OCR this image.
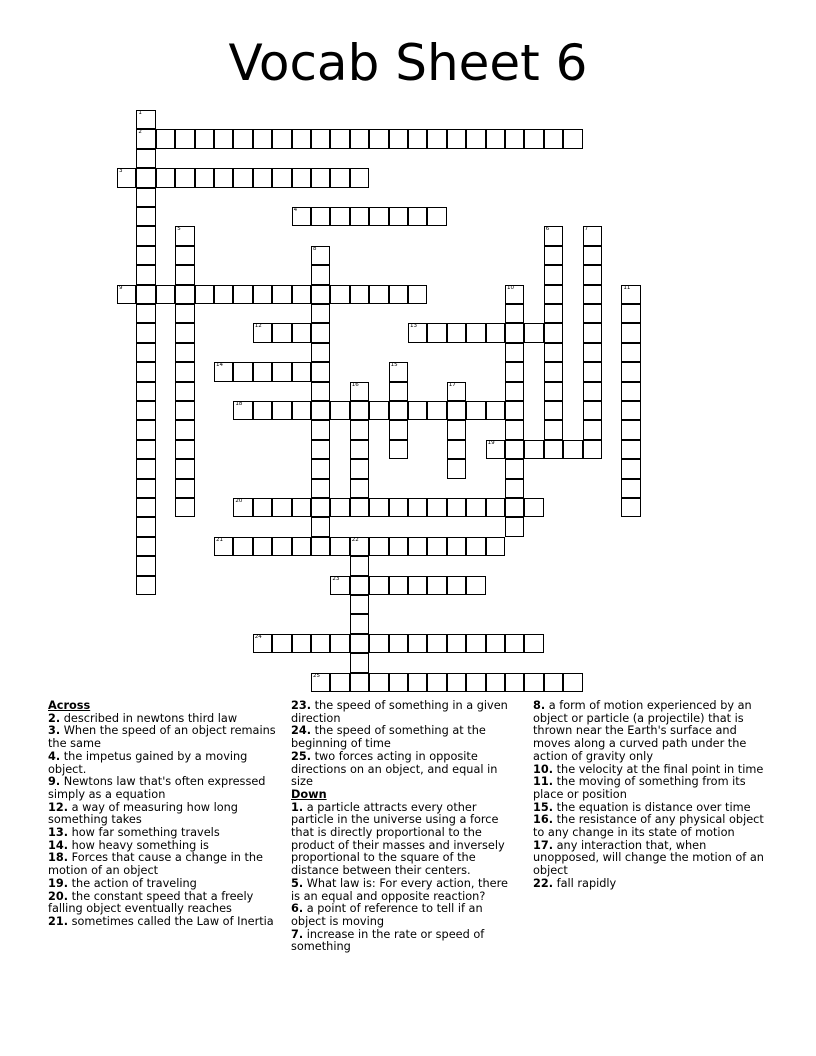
Vocab Sheet 6
1
2
3
4
5	6	7
8
9	10	11
12	13
14	15
16	17
18
19
20
21	22
23
24
25
Across
2. described in newtons third law
3. When the speed of an object remains the same
4. the impetus gained by a moving object.
9. Newtons law that's often expressed simply as a equation
12. a way of measuring how long something takes
13. how far something travels
14. how heavy something is
18. Forces that cause a change in the motion of an object
19. the action of traveling
20. the constant speed that a freely falling object eventually reaches
21. sometimes called the Law of Inertia
23. the speed of something in a given direction
24. the speed of something at the beginning of time
25. two forces acting in opposite directions on an object, and equal in size
Down
1. a particle attracts every other particle in the universe using a force that is directly proportional to the product of their masses and inversely proportional to the square of the distance between their centers.
5. What law is: For every action, there is an equal and opposite reaction?
6. a point of reference to tell if an object is moving
7. increase in the rate or speed of something
8. a form of motion experienced by an object or particle (a projectile) that is thrown near the Earth's surface and moves along a curved path under the action of gravity only
10. the velocity at the final point in time
11. the moving of something from its place or position
15. the equation is distance over time
16. the resistance of any physical object to any change in its state of motion
17. any interaction that, when unopposed, will change the motion of an object
22. fall rapidly
